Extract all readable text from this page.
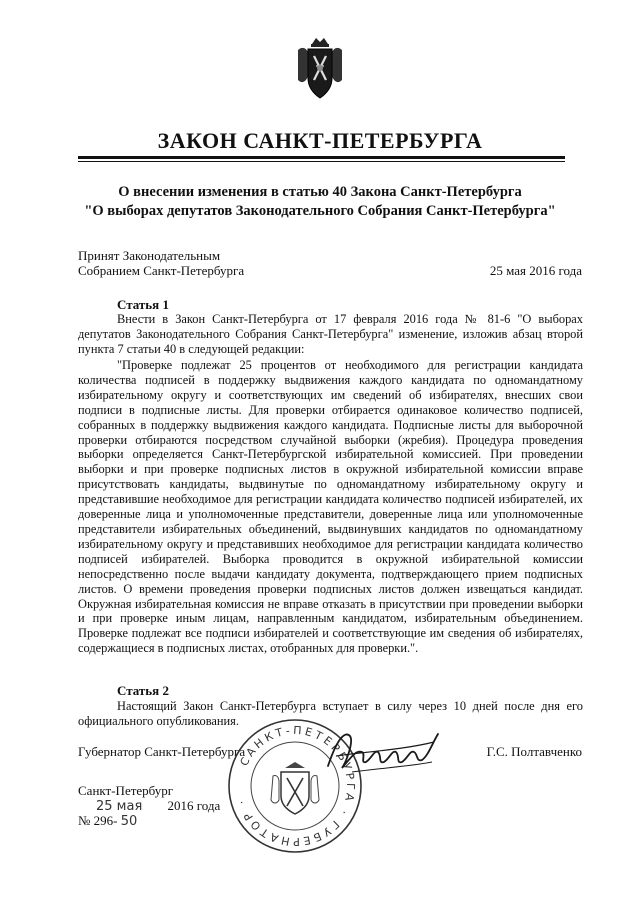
ЗАКОН САНКТ-ПЕТЕРБУРГА
О внесении изменения в статью 40 Закона Санкт-Петербурга
"О выборах депутатов Законодательного Собрания Санкт-Петербурга"
Принят Законодательным
Собранием Санкт-Петербурга	25 мая 2016 года
Статья 1

Внести в Закон Санкт-Петербурга от 17 февраля 2016 года № 81-6 "О выборах депутатов Законодательного Собрания Санкт-Петербурга" изменение, изложив абзац второй пункта 7 статьи 40 в следующей редакции:

"Проверке подлежат 25 процентов от необходимого для регистрации кандидата количества подписей в поддержку выдвижения каждого кандидата по одномандатному избирательному округу и соответствующих им сведений об избирателях, внесших свои подписи в подписные листы. Для проверки отбирается одинаковое количество подписей, собранных в поддержку выдвижения каждого кандидата. Подписные листы для выборочной проверки отбираются посредством случайной выборки (жребия). Процедура проведения выборки определяется Санкт-Петербургской избирательной комиссией. При проведении выборки и при проверке подписных листов в окружной избирательной комиссии вправе присутствовать кандидаты, выдвинутые по одномандатному избирательному округу и представившие необходимое для регистрации кандидата количество подписей избирателей, их доверенные лица и уполномоченные представители, доверенные лица или уполномоченные представители избирательных объединений, выдвинувших кандидатов по одномандатному избирательному округу и представивших необходимое для регистрации кандидата количество подписей избирателей. Выборка проводится в окружной избирательной комиссии непосредственно после выдачи кандидату документа, подтверждающего прием подписных листов. О времени проведения проверки подписных листов должен извещаться кандидат. Окружная избирательная комиссия не вправе отказать в присутствии при проведении выборки и при проверке иным лицам, направленным кандидатом, избирательным объединением. Проверке подлежат все подписи избирателей и соответствующие им сведения об избирателях, содержащиеся в подписных листах, отобранных для проверки.".

Статья 2

Настоящий Закон Санкт-Петербурга вступает в силу через 10 дней после дня его официального опубликования.

Губернатор Санкт-Петербурга	Г.С. Полтавченко
САНКТ-ПЕТЕРБУРГА · ГУБЕРНАТОР ·
Санкт-Петербург
25 мая 2016 года
№ 296- 50
